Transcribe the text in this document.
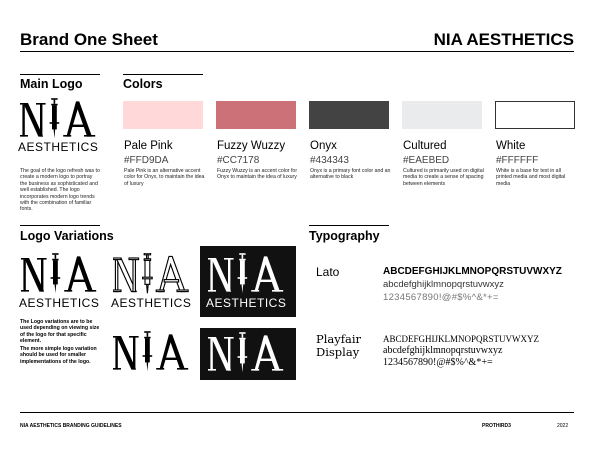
Brand One Sheet	NIA AESTHETICS
Main Logo
AESTHETICS
The goal of the logo refresh was to create a modern logo to portray the business as sophisticated and well established. The logo incorporates modern logo trends with the combination of familiar fonts.
Colors
Pale Pink
#FFD9DA
Pale Pink is an alternative accent color for Onyx, to maintain the idea of luxury
Fuzzy Wuzzy
#CC7178
Fuzzy Wuzzy is an accent color for Onyx to maintain the idea of luxury
Onyx
#434343
Onyx is a primary font color and an alternative to black
Cultured
#EAEBED
Cultured is primarily used on digital media to create a sense of spacing between elements
White
#FFFFFF
White is a base for text in all printed media and most digital media
Logo Variations
AESTHETICS AESTHETICS AESTHETICS
The Logo variations are to be used depending on viewing size of the logo for that specific element.
The more simple logo variation should be used for smaller implementations of the logo.
Typography
Lato	ABCDEFGHIJKLMNOPQRSTUVWXYZ
abcdefghijklmnopqrstuvwxyz
1234567890!@#$%^&*+=
Playfair Display
ABCDEFGHIJKLMNOPQRSTUVWXYZ
abcdefghijklmnopqrstuvwxyz
1234567890!@#$%^&*+=
NIA AESTHETICS BRANDING GUIDELINES	PROTHIRD3	2022
